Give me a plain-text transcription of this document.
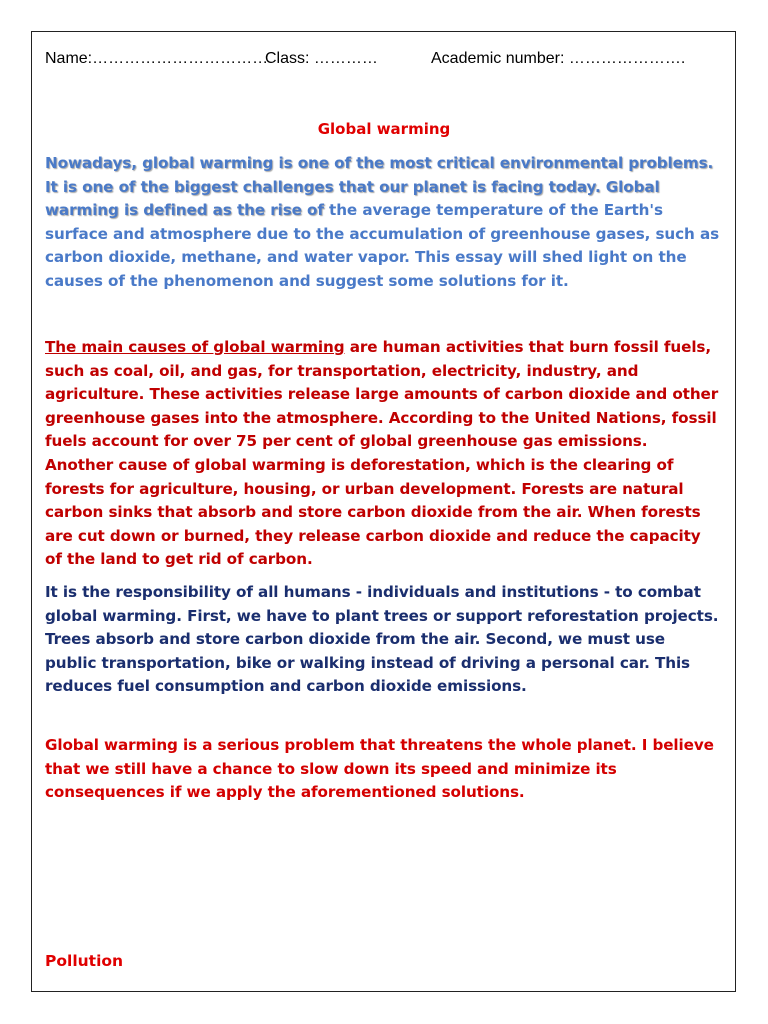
Name:……………………………
Class: …………	Academic number: ………………….
Global warming

Nowadays, global warming is one of the most critical environmental problems. It is one of the biggest challenges that our planet is facing today. Global warming is defined as the rise of the average temperature of the Earth's surface and atmosphere due to the accumulation of greenhouse gases, such as carbon dioxide, methane, and water vapor. This essay will shed light on the causes of the phenomenon and suggest some solutions for it.

The main causes of global warming are human activities that burn fossil fuels, such as coal, oil, and gas, for transportation, electricity, industry, and agriculture. These activities release large amounts of carbon dioxide and other greenhouse gases into the atmosphere. According to the United Nations, fossil fuels account for over 75 per cent of global greenhouse gas emissions. Another cause of global warming is deforestation, which is the clearing of forests for agriculture, housing, or urban development. Forests are natural carbon sinks that absorb and store carbon dioxide from the air. When forests are cut down or burned, they release carbon dioxide and reduce the capacity of the land to get rid of carbon.

It is the responsibility of all humans - individuals and institutions - to combat global warming. First, we have to plant trees or support reforestation projects. Trees absorb and store carbon dioxide from the air. Second, we must use public transportation, bike or walking instead of driving a personal car. This reduces fuel consumption and carbon dioxide emissions.

Global warming is a serious problem that threatens the whole planet. I believe that we still have a chance to slow down its speed and minimize its consequences if we apply the aforementioned solutions.

Pollution
